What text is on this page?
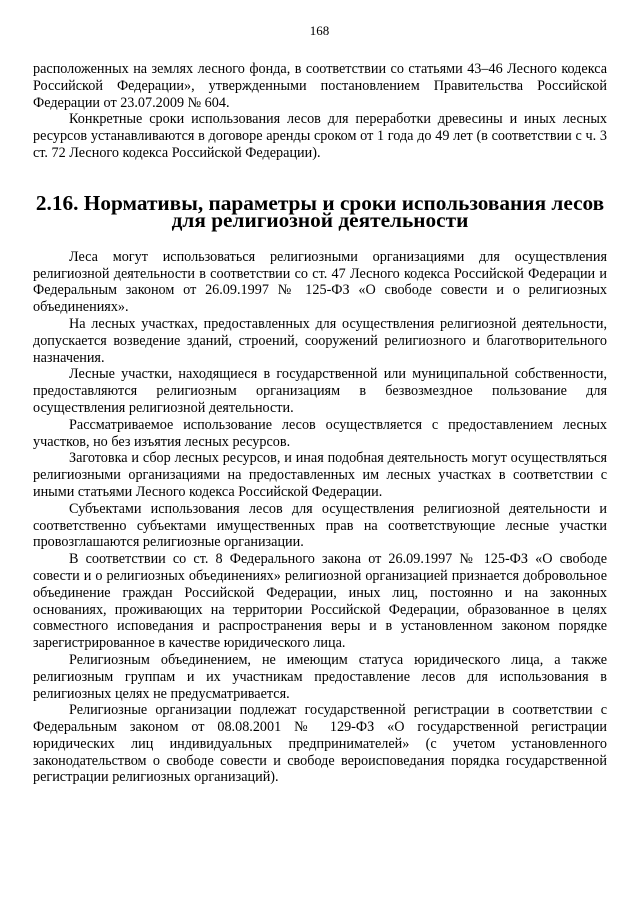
168

расположенных на землях лесного фонда, в соответствии со статьями 43–46 Лесного кодекса Российской Федерации», утвержденными постановлением Правительства Российской Федерации от 23.07.2009 № 604.

Конкретные сроки использования лесов для переработки древесины и иных лесных ресурсов устанавливаются в договоре аренды сроком от 1 года до 49 лет (в соответствии с ч. 3 ст. 72 Лесного кодекса Российской Федерации).

2.16. Нормативы, параметры и сроки использования лесов
для религиозной деятельности

Леса могут использоваться религиозными организациями для осуществления религиозной деятельности в соответствии со ст. 47 Лесного кодекса Российской Федерации и Федеральным законом от 26.09.1997 № 125-ФЗ «О свободе совести и о религиозных объединениях».

На лесных участках, предоставленных для осуществления религиозной деятельности, допускается возведение зданий, строений, сооружений религиозного и благотворительного назначения.

Лесные участки, находящиеся в государственной или муниципальной собственности, предоставляются религиозным организациям в безвозмездное пользование для осуществления религиозной деятельности.

Рассматриваемое использование лесов осуществляется с предоставлением лесных участков, но без изъятия лесных ресурсов.

Заготовка и сбор лесных ресурсов, и иная подобная деятельность могут осуществляться религиозными организациями на предоставленных им лесных участках в соответствии с иными статьями Лесного кодекса Российской Федерации.

Субъектами использования лесов для осуществления религиозной деятельности и соответственно субъектами имущественных прав на соответствующие лесные участки провозглашаются религиозные организации.

В соответствии со ст. 8 Федерального закона от 26.09.1997 № 125-ФЗ «О свободе совести и о религиозных объединениях» религиозной организацией признается добровольное объединение граждан Российской Федерации, иных лиц, постоянно и на законных основаниях, проживающих на территории Российской Федерации, образованное в целях совместного исповедания и распространения веры и в установленном законом порядке зарегистрированное в качестве юридического лица.

Религиозным объединением, не имеющим статуса юридического лица, а также религиозным группам и их участникам предоставление лесов для использования в религиозных целях не предусматривается.

Религиозные организации подлежат государственной регистрации в соответствии с Федеральным законом от 08.08.2001 № 129-ФЗ «О государственной регистрации юридических лиц индивидуальных предпринимателей» (с учетом установленного законодательством о свободе совести и свободе вероисповедания порядка государственной регистрации религиозных организаций).
